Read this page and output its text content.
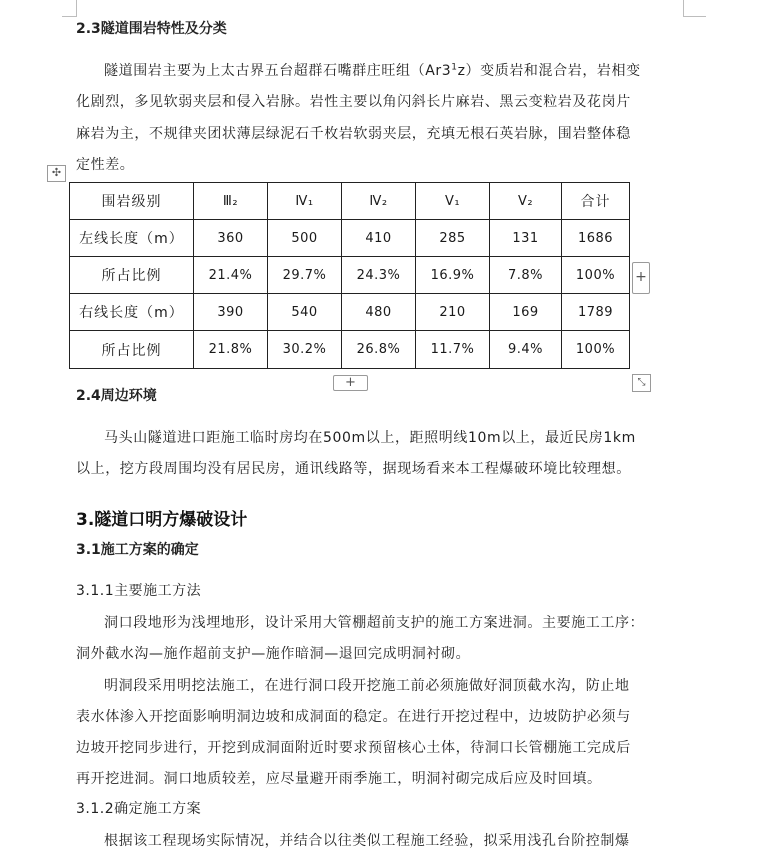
2.3隧道围岩特性及分类
隧道围岩主要为上太古界五台超群石嘴群庄旺组$(Ar3^1z)$变质岩和混合岩，岩相变
化剧烈，多见软弱夹层和侵入岩脉。岩性主要以角闪斜长片麻岩、黑云变粒岩及花岗片
麻岩为主，不规律夹团状薄层绿泥石千枚岩软弱夹层，充填无根石英岩脉，围岩整体稳
定性差。
✣
围岩级别	Ⅲ₂	Ⅳ₁	Ⅳ₂	Ⅴ₁	Ⅴ₂	合计
左线长度（m）	360	500	410	285	131	1686
所占比例	21.4%	29.7%	24.3%	16.9%	7.8%	100%
右线长度（m）	390	540	480	210	169	1789
所占比例	21.8%	30.2%	26.8%	11.7%	9.4%	100%
+
+	⤡
2.4周边环境
马头山隧道进口距施工临时房均在500m以上，距照明线10m以上，最近民房1km
以上，挖方段周围均没有居民房，通讯线路等，据现场看来本工程爆破环境比较理想。
3.隧道口明方爆破设计
3.1施工方案的确定
3.1.1主要施工方法
洞口段地形为浅埋地形，设计采用大管棚超前支护的施工方案进洞。主要施工工序：
洞外截水沟—施作超前支护—施作暗洞—退回完成明洞衬砌。
明洞段采用明挖法施工，在进行洞口段开挖施工前必须施做好洞顶截水沟，防止地
表水体渗入开挖面影响明洞边坡和成洞面的稳定。在进行开挖过程中，边坡防护必须与
边坡开挖同步进行，开挖到成洞面附近时要求预留核心土体，待洞口长管棚施工完成后
再开挖进洞。洞口地质较差，应尽量避开雨季施工，明洞衬砌完成后应及时回填。
3.1.2确定施工方案
根据该工程现场实际情况，并结合以往类似工程施工经验，拟采用浅孔台阶控制爆
